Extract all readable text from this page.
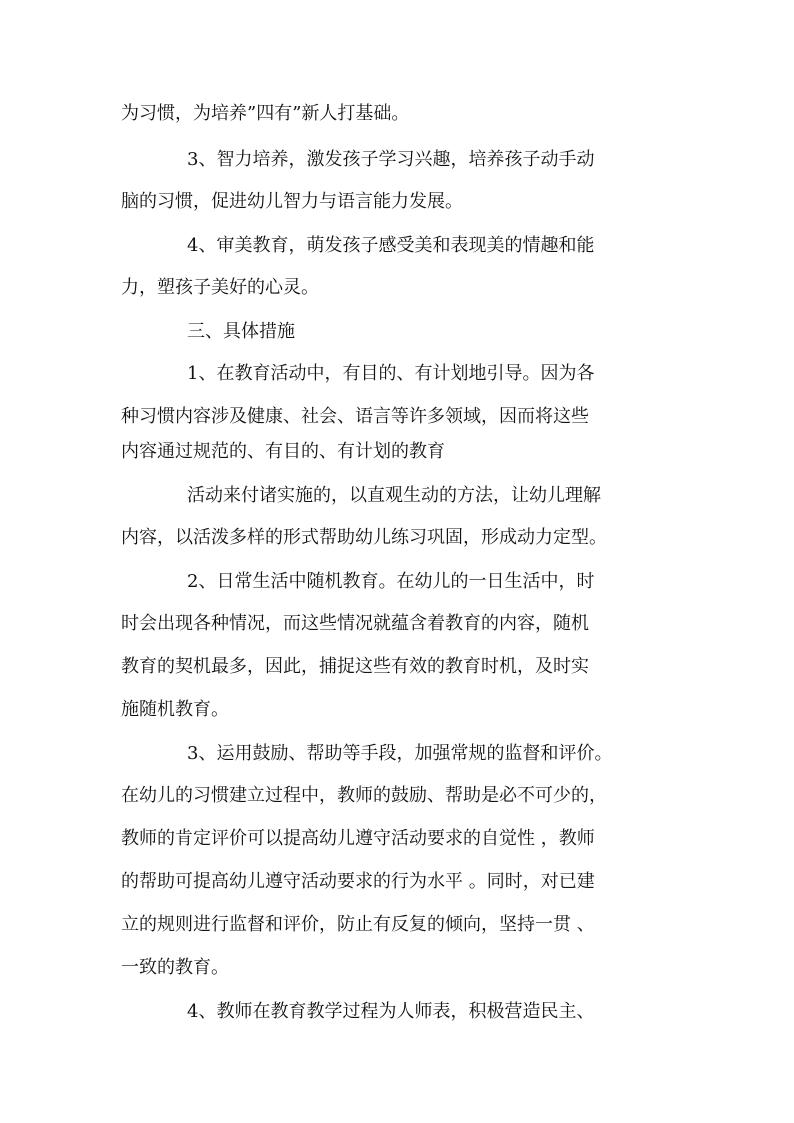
为习惯，为培养”四有”新人打基础。
3、智力培养，激发孩子学习兴趣，培养孩子动手动
脑的习惯，促进幼儿智力与语言能力发展。
4、审美教育，萌发孩子感受美和表现美的情趣和能
力，塑孩子美好的心灵。
三、具体措施
1、在教育活动中，有目的、有计划地引导。因为各
种习惯内容涉及健康、社会、语言等许多领域，因而将这些
内容通过规范的、有目的、有计划的教育
活动来付诸实施的，以直观生动的方法，让幼儿理解
内容，以活泼多样的形式帮助幼儿练习巩固，形成动力定型。
2、日常生活中随机教育。在幼儿的一日生活中，时
时会出现各种情况，而这些情况就蕴含着教育的内容，随机
教育的契机最多，因此，捕捉这些有效的教育时机，及时实
施随机教育。
3、运用鼓励、帮助等手段，加强常规的监督和评价。
在幼儿的习惯建立过程中，教师的鼓励、帮助是必不可少的，
教师的肯定评价可以提高幼儿遵守活动要求的自觉性 ，教师
的帮助可提高幼儿遵守活动要求的行为水平 。同时，对已建
立的规则进行监督和评价，防止有反复的倾向，坚持一贯 、
一致的教育。
4、教师在教育教学过程为人师表，积极营造民主、
